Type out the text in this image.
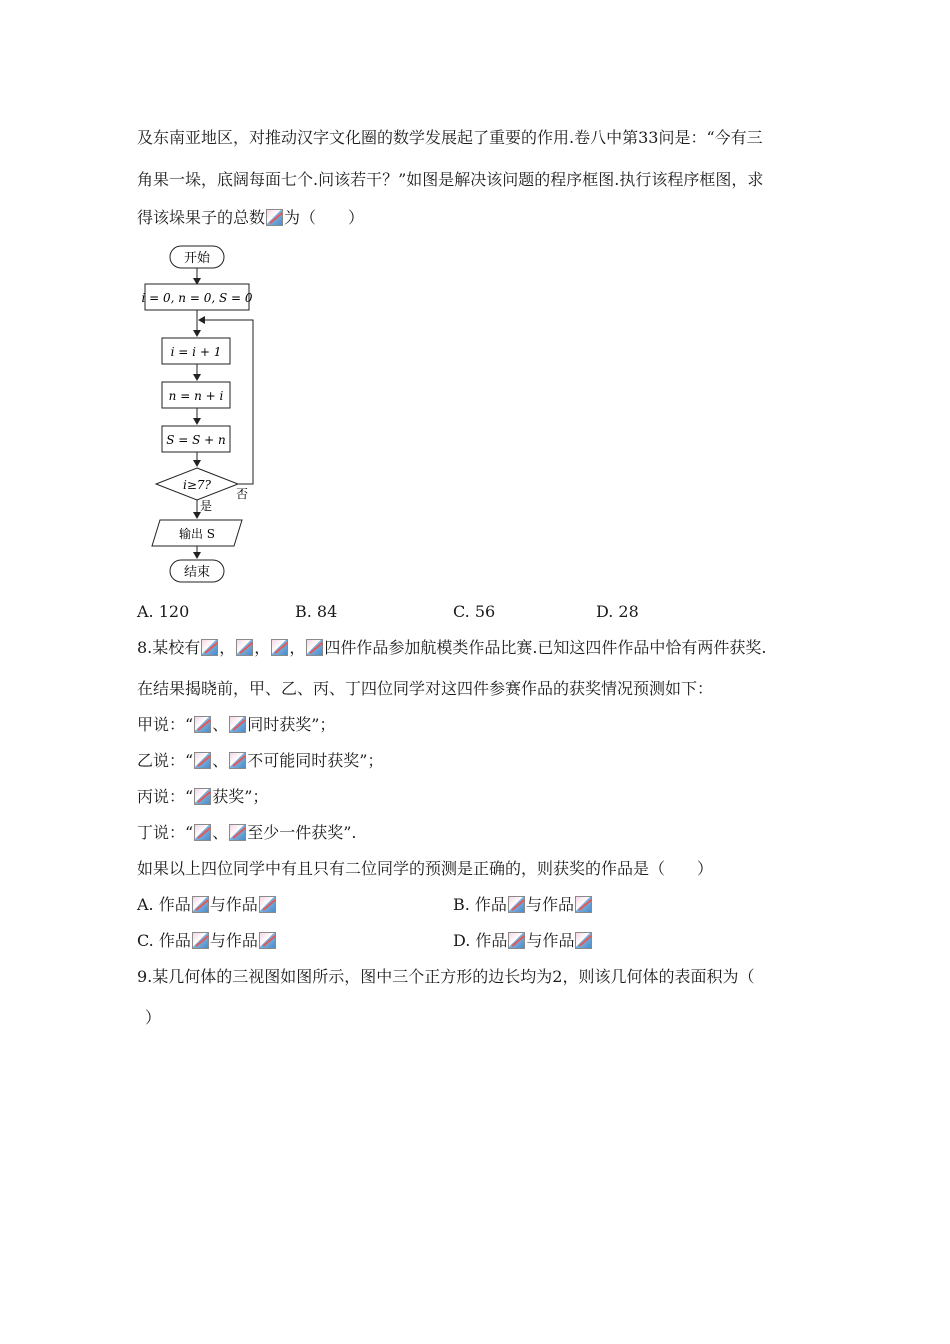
及东南亚地区，对推动汉字文化圈的数学发展起了重要的作用.卷八中第33问是：“今有三
角果一垛，底阔每面七个.问该若干？”如图是解决该问题的程序框图.执行该程序框图，求
得该垛果子的总数 为（　　）
开始
i = 0, n = 0, S = 0
i = i + 1
n = n + i
S = S + n
i≥7?
否
是
输出 S
结束
A. 120	B. 84	C. 56	D. 28
8.某校有 ， ， ， 四件作品参加航模类作品比赛.已知这四件作品中恰有两件获奖.
在结果揭晓前，甲、乙、丙、丁四位同学对这四件参赛作品的获奖情况预测如下：
甲说：“ 、 同时获奖”；
乙说：“ 、 不可能同时获奖”；
丙说：“ 获奖”；
丁说：“ 、 至少一件获奖”.
如果以上四位同学中有且只有二位同学的预测是正确的，则获奖的作品是（　　）
A. 作品 与作品	B. 作品 与作品
C. 作品 与作品	D. 作品 与作品
9.某几何体的三视图如图所示，图中三个正方形的边长均为2，则该几何体的表面积为（
）
